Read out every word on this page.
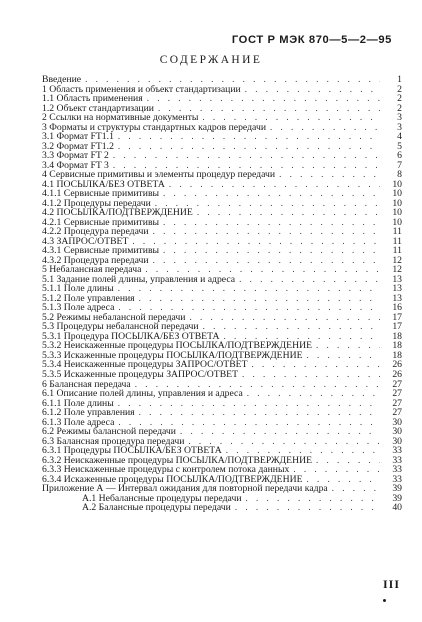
ГОСТ Р МЭК 870—5—2—95
СОДЕРЖАНИЕ
Введение . . .	1
1 Область применения и объект стандартизации . . .	2
1.1 Область применения . . .	2
1.2 Объект стандартизации . . .	2
2 Ссылки на нормативные документы . . .	3
3 Форматы и структуры стандартных кадров передачи . . .	3
3.1 Формат FT1.1 . . .	4
3.2 Формат FT1.2 . . .	5
3.3 Формат FT 2 . . .	6
3.4 Формат FT 3 . . .	7
4 Сервисные примитивы и элементы процедур передачи . . .	8
4.1 ПОСЫЛКА/БЕЗ ОТВЕТА . . .	10
4.1.1 Сервисные примитивы . . .	10
4.1.2 Процедуры передачи . . .	10
4.2 ПОСЫЛКА/ПОДТВЕРЖДЕНИЕ . . .	10
4.2.1 Сервисные примитивы . . .	10
4.2.2 Процедура передачи . . .	11
4.3 ЗАПРОС/ОТВЕТ . . .	11
4.3.1 Сервисные примитивы . . .	11
4.3.2 Процедура передачи . . .	12
5 Небалансная передача . . .	12
5.1 Задание полей длины, управления и адреса . . .	13
5.1.1 Поле длины . . .	13
5.1.2 Поле управления . . .	13
5.1.3 Поле адреса . . .	16
5.2 Режимы небалансной передачи . . .	17
5.3 Процедуры небалансной передачи . . .	17
5.3.1 Процедура ПОСЫЛКА/БЕЗ ОТВЕТА . . .	18
5.3.2 Неискаженные процедуры ПОСЫЛКА/ПОДТВЕРЖДЕНИЕ . . .	18
5.3.3 Искаженные процедуры ПОСЫЛКА/ПОДТВЕРЖДЕНИЕ . . .	18
5.3.4 Неискаженные процедуры ЗАПРОС/ОТВЕТ . . .	26
5.3.5 Искаженные процедуры ЗАПРОС/ОТВЕТ . . .	26
6 Балансная передача . . .	27
6.1 Описание полей длины, управления и адреса . . .	27
6.1.1 Поле длины . . .	27
6.1.2 Поле управления . . .	27
6.1.3 Поле адреса . . .	30
6.2 Режимы балансной передачи . . .	30
6.3 Балансная процедура передачи . . .	30
6.3.1 Процедуры ПОСЫЛКА/БЕЗ ОТВЕТА . . .	33
6.3.2 Неискаженные процедуры ПОСЫЛКА/ПОДТВЕРЖДЕНИЕ . . .	33
6.3.3 Неискаженные процедуры с контролем потока данных . . .	33
6.3.4 Искаженные процедуры ПОСЫЛКА/ПОДТВЕРЖДЕНИЕ . . .	33
Приложение А — Интервал ожидания для повторной передачи кадра . . .	39
А.1 Небалансные процедуры передачи . . .	39
А.2 Балансные процедуры передачи . . .	40
III
